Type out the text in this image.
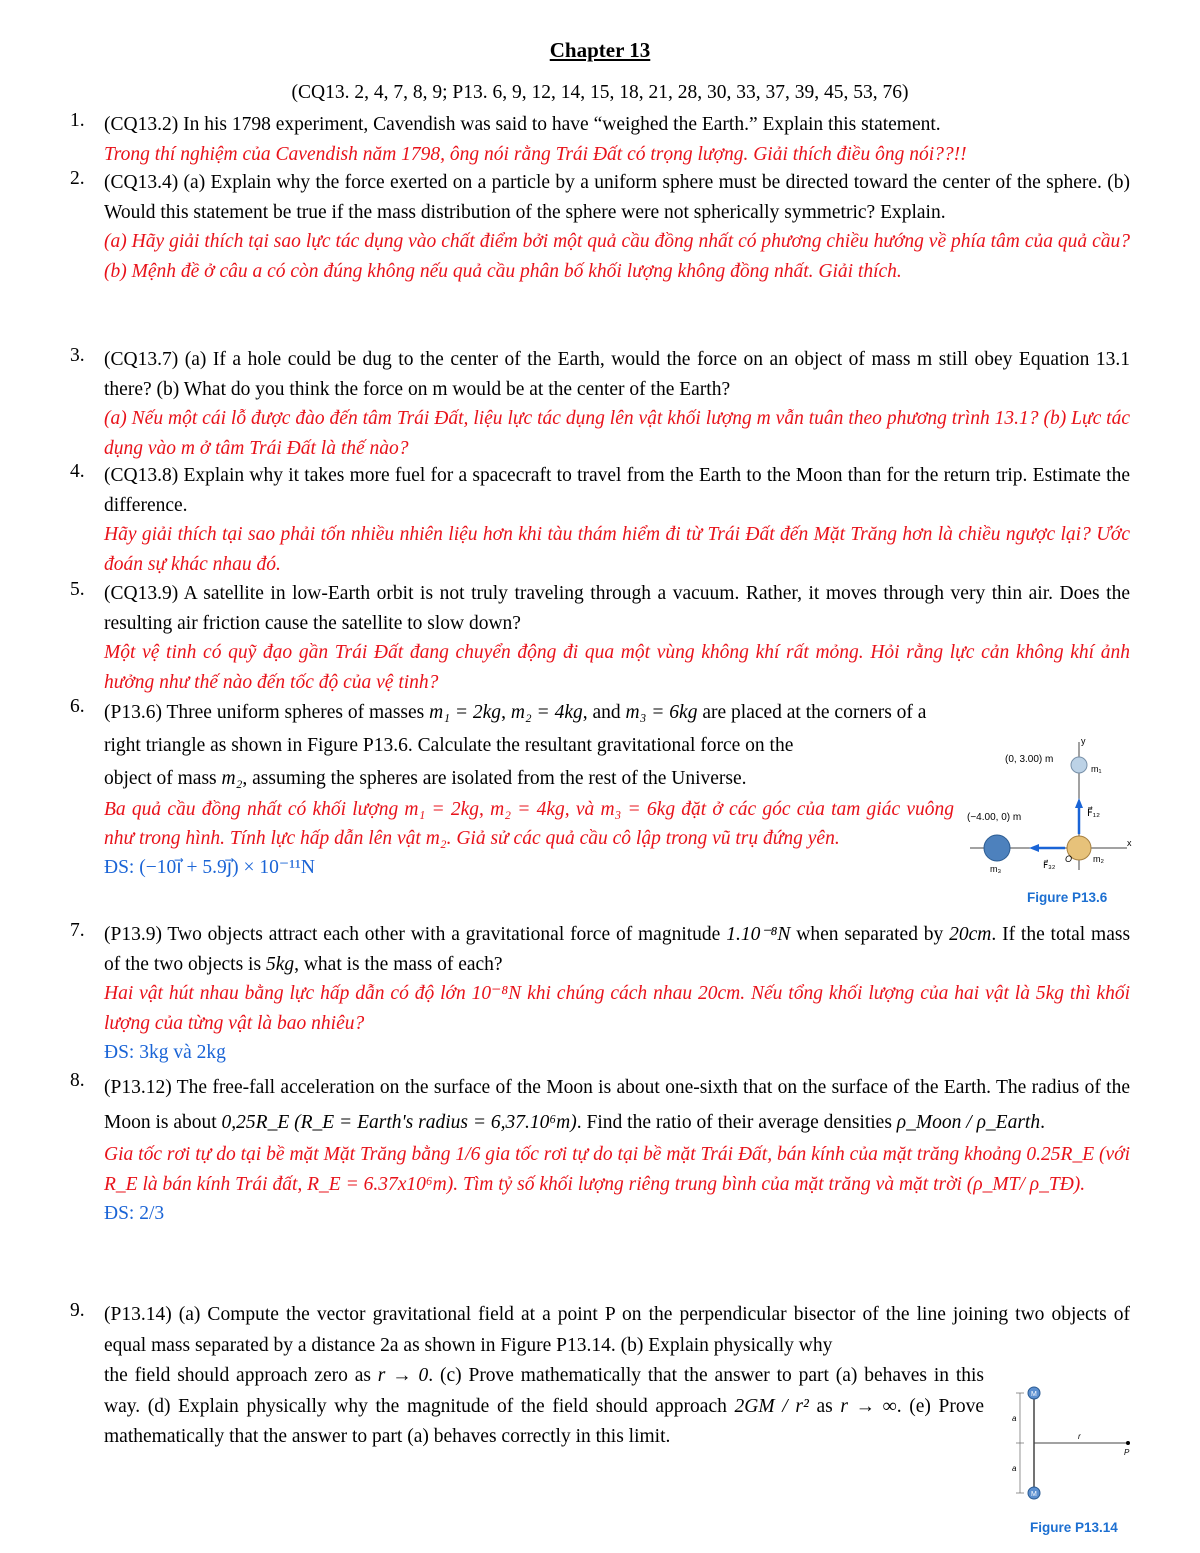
Chapter 13
(CQ13. 2, 4, 7, 8, 9; P13. 6, 9, 12, 14, 15, 18, 21, 28, 30, 33, 37, 39, 45, 53, 76)
1. (CQ13.2) In his 1798 experiment, Cavendish was said to have “weighed the Earth.” Explain this statement.
Trong thí nghiệm của Cavendish năm 1798, ông nói rằng Trái Đất có trọng lượng. Giải thích điều ông nói??!!
2. (CQ13.4) (a) Explain why the force exerted on a particle by a uniform sphere must be directed toward the center of the sphere. (b) Would this statement be true if the mass distribution of the sphere were not spherically symmetric? Explain.
(a) Hãy giải thích tại sao lực tác dụng vào chất điểm bởi một quả cầu đồng nhất có phương chiều hướng về phía tâm của quả cầu? (b) Mệnh đề ở câu a có còn đúng không nếu quả cầu phân bố khối lượng không đồng nhất. Giải thích.
3. (CQ13.7) (a) If a hole could be dug to the center of the Earth, would the force on an object of mass m still obey Equation 13.1 there? (b) What do you think the force on m would be at the center of the Earth?
(a) Nếu một cái lỗ được đào đến tâm Trái Đất, liệu lực tác dụng lên vật khối lượng m vẫn tuân theo phương trình 13.1? (b) Lực tác dụng vào m ở tâm Trái Đất là thế nào?
4. (CQ13.8) Explain why it takes more fuel for a spacecraft to travel from the Earth to the Moon than for the return trip. Estimate the difference.
Hãy giải thích tại sao phải tốn nhiều nhiên liệu hơn khi tàu thám hiểm đi từ Trái Đất đến Mặt Trăng hơn là chiều ngược lại? Ước đoán sự khác nhau đó.
5. (CQ13.9) A satellite in low-Earth orbit is not truly traveling through a vacuum. Rather, it moves through very thin air. Does the resulting air friction cause the satellite to slow down?
Một vệ tinh có quỹ đạo gần Trái Đất đang chuyển động đi qua một vùng không khí rất mỏng. Hỏi rằng lực cản không khí ảnh hưởng như thế nào đến tốc độ của vệ tinh?
6. (P13.6) Three uniform spheres of masses m₁ = 2kg, m₂ = 4kg, and m₃ = 6kg are placed at the corners of a
right triangle as shown in Figure P13.6. Calculate the resultant gravitational force on the
object of mass m₂, assuming the spheres are isolated from the rest of the Universe.
Ba quả cầu đồng nhất có khối lượng m₁ = 2kg, m₂ = 4kg, và m₃ = 6kg đặt ở các góc của tam giác vuông như trong hình. Tính lực hấp dẫn lên vật m₂. Giả sử các quả cầu cô lập trong vũ trụ đứng yên.
ĐS: (−10i⃗ + 5.9j⃗) × 10⁻¹¹N
y
x
(0, 3.00) m
m₁
(−4.00, 0) m	F⃗₁₂
m₃	F⃗₃₂
O m₂
Figure P13.6
7. (P13.9) Two objects attract each other with a gravitational force of magnitude 1.10⁻⁸N when separated by 20cm. If the total mass of the two objects is 5kg, what is the mass of each?
Hai vật hút nhau bằng lực hấp dẫn có độ lớn 10⁻⁸N khi chúng cách nhau 20cm. Nếu tổng khối lượng của hai vật là 5kg thì khối lượng của từng vật là bao nhiêu?
ĐS: 3kg và 2kg
8. (P13.12) The free-fall acceleration on the surface of the Moon is about one-sixth that on the surface of the Earth. The radius of the Moon is about 0,25R_E (R_E = Earth's radius = 6,37.10⁶m). Find the ratio of their average densities ρ_Moon / ρ_Earth.
Gia tốc rơi tự do tại bề mặt Mặt Trăng bằng 1/6 gia tốc rơi tự do tại bề mặt Trái Đất, bán kính của mặt trăng khoảng 0.25R_E (với R_E là bán kính Trái đất, R_E = 6.37x10⁶m). Tìm tỷ số khối lượng riêng trung bình của mặt trăng và mặt trời (ρ_MT/ ρ_TĐ).
ĐS: 2/3
9. (P13.14) (a) Compute the vector gravitational field at a point P on the perpendicular bisector of the line joining two objects of equal mass separated by a distance 2a as shown in Figure P13.14. (b) Explain physically why
the field should approach zero as r → 0. (c) Prove mathematically that the answer to part (a) behaves in this way. (d) Explain physically why the magnitude of the field should approach 2GM / r² as r → ∞. (e) Prove mathematically that the answer to part (a) behaves correctly in this limit.
M
M
a
a
r
P
Figure P13.14
